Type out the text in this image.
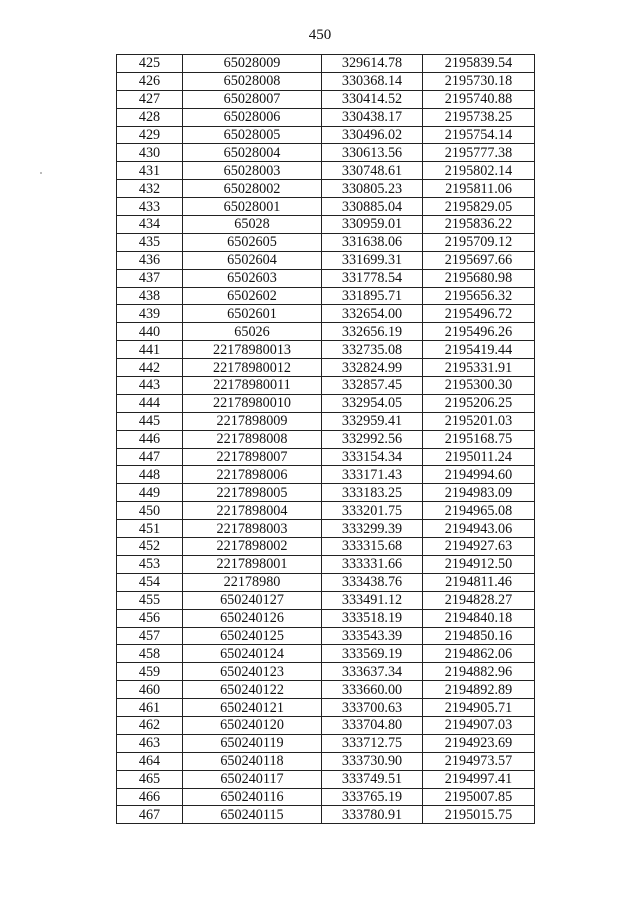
450
425	65028009	329614.78	2195839.54
426	65028008	330368.14	2195730.18
427	65028007	330414.52	2195740.88
428	65028006	330438.17	2195738.25
429	65028005	330496.02	2195754.14
430	65028004	330613.56	2195777.38
431	65028003	330748.61	2195802.14
432	65028002	330805.23	2195811.06
433	65028001	330885.04	2195829.05
434	65028	330959.01	2195836.22
435	6502605	331638.06	2195709.12
436	6502604	331699.31	2195697.66
437	6502603	331778.54	2195680.98
438	6502602	331895.71	2195656.32
439	6502601	332654.00	2195496.72
440	65026	332656.19	2195496.26
441	22178980013	332735.08	2195419.44
442	22178980012	332824.99	2195331.91
443	22178980011	332857.45	2195300.30
444	22178980010	332954.05	2195206.25
445	2217898009	332959.41	2195201.03
446	2217898008	332992.56	2195168.75
447	2217898007	333154.34	2195011.24
448	2217898006	333171.43	2194994.60
449	2217898005	333183.25	2194983.09
450	2217898004	333201.75	2194965.08
451	2217898003	333299.39	2194943.06
452	2217898002	333315.68	2194927.63
453	2217898001	333331.66	2194912.50
454	22178980	333438.76	2194811.46
455	650240127	333491.12	2194828.27
456	650240126	333518.19	2194840.18
457	650240125	333543.39	2194850.16
458	650240124	333569.19	2194862.06
459	650240123	333637.34	2194882.96
460	650240122	333660.00	2194892.89
461	650240121	333700.63	2194905.71
462	650240120	333704.80	2194907.03
463	650240119	333712.75	2194923.69
464	650240118	333730.90	2194973.57
465	650240117	333749.51	2194997.41
466	650240116	333765.19	2195007.85
467	650240115	333780.91	2195015.75
